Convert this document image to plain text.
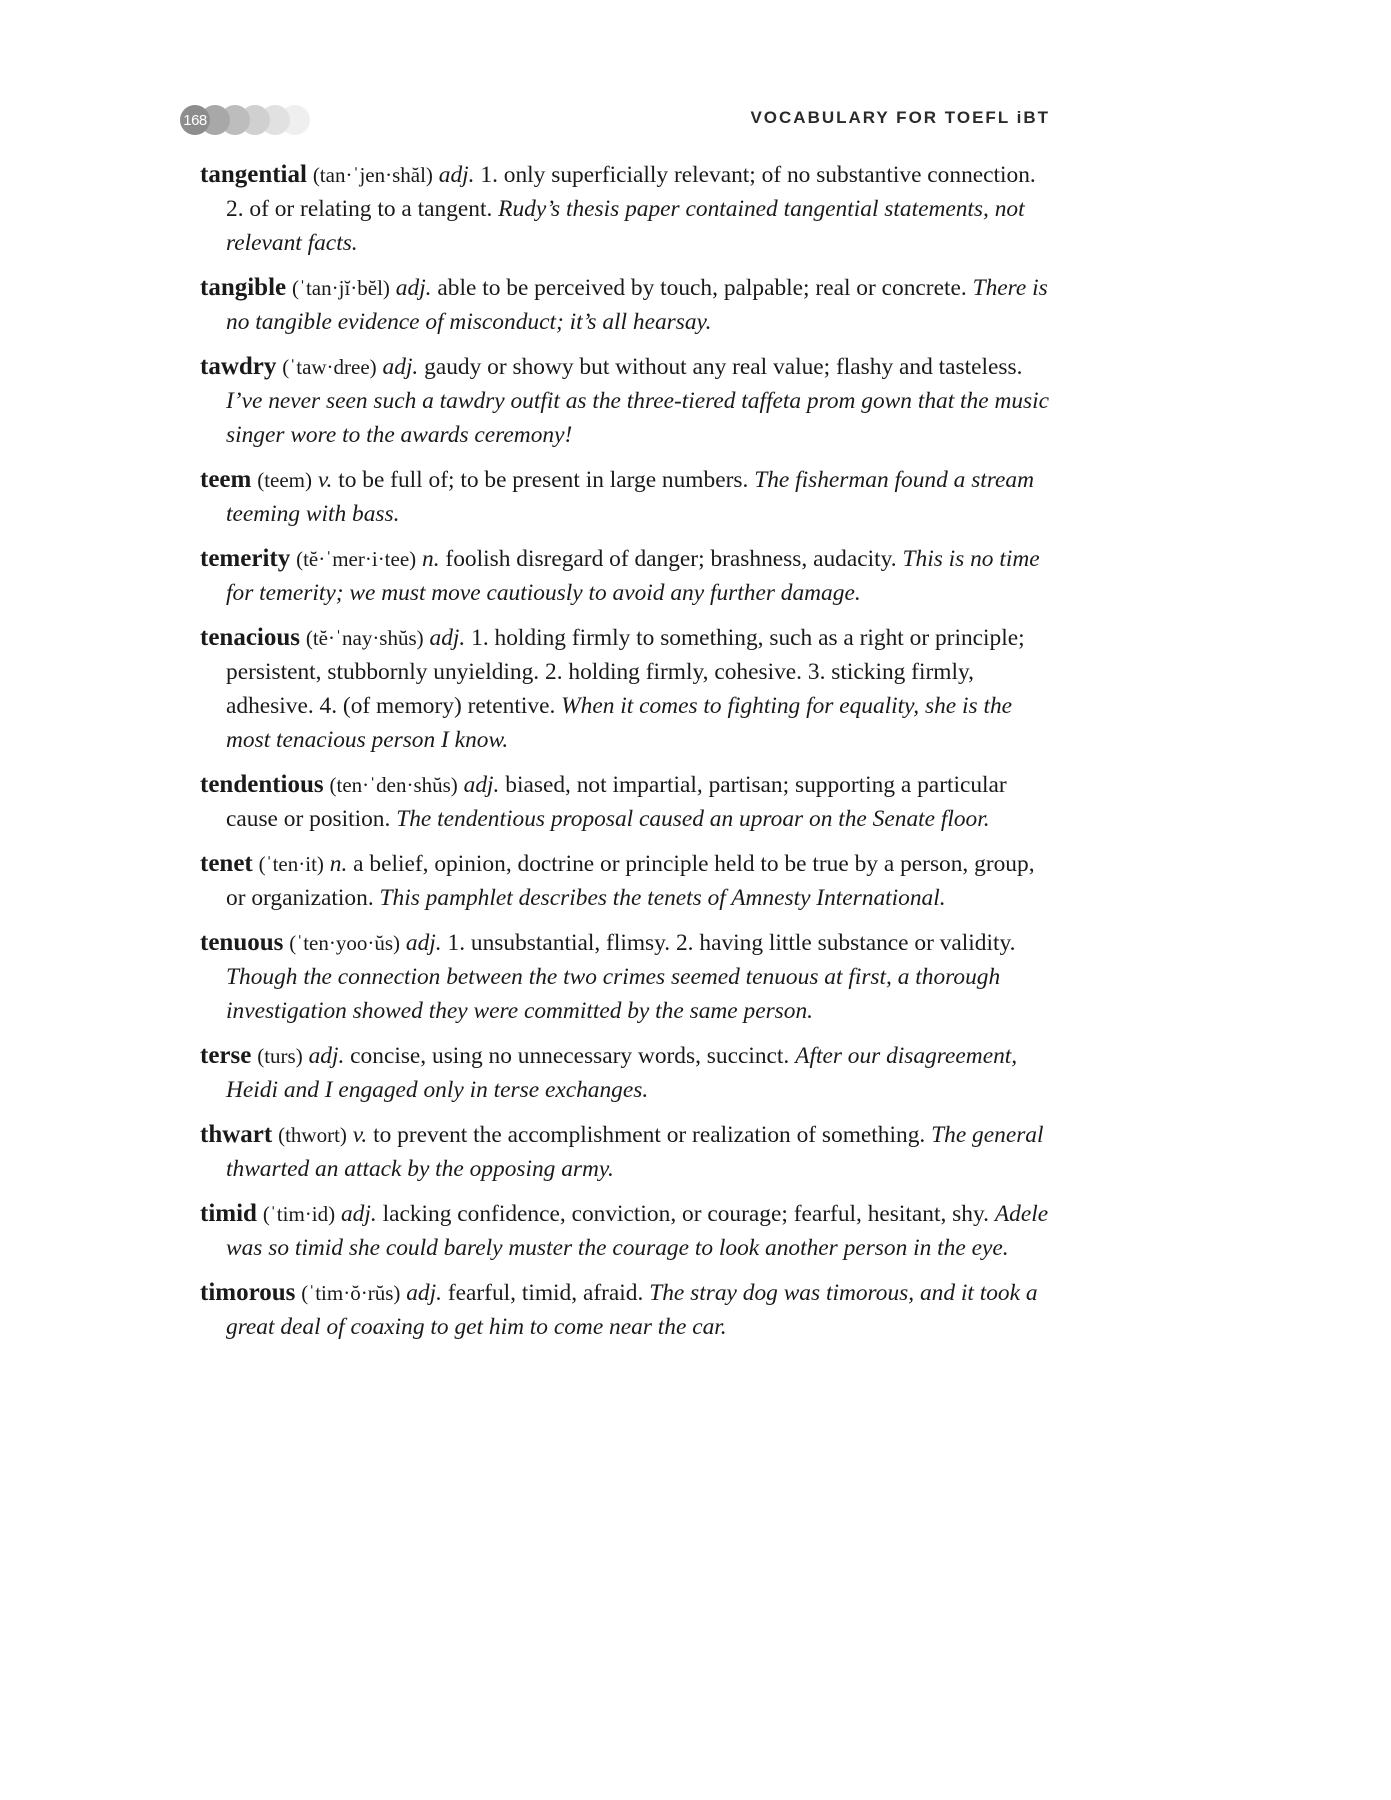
168	VOCABULARY FOR TOEFL iBT

tangential (tan·ˈjen·shăl) adj. 1. only superficially relevant; of no substantive connection. 2. of or relating to a tangent. Rudy’s thesis paper contained tangential statements, not relevant facts.

tangible (ˈtan·jĭ·bĕl) adj. able to be perceived by touch, palpable; real or concrete. There is no tangible evidence of misconduct; it’s all hearsay.

tawdry (ˈtaw·dree) adj. gaudy or showy but without any real value; flashy and tasteless. I’ve never seen such a tawdry outfit as the three-tiered taffeta prom gown that the music singer wore to the awards ceremony!

teem (teem) v. to be full of; to be present in large numbers. The fisherman found a stream teeming with bass.

temerity (tĕ·ˈmer·i·tee) n. foolish disregard of danger; brashness, audacity. This is no time for temerity; we must move cautiously to avoid any further damage.

tenacious (tĕ·ˈnay·shŭs) adj. 1. holding firmly to something, such as a right or principle; persistent, stubbornly unyielding. 2. holding firmly, cohesive. 3. sticking firmly, adhesive. 4. (of memory) retentive. When it comes to fighting for equality, she is the most tenacious person I know.

tendentious (ten·ˈden·shŭs) adj. biased, not impartial, partisan; supporting a particular cause or position. The tendentious proposal caused an uproar on the Senate floor.

tenet (ˈten·it) n. a belief, opinion, doctrine or principle held to be true by a person, group, or organization. This pamphlet describes the tenets of Amnesty International.

tenuous (ˈten·yoo·ŭs) adj. 1. unsubstantial, flimsy. 2. having little substance or validity. Though the connection between the two crimes seemed tenuous at first, a thorough investigation showed they were committed by the same person.

terse (turs) adj. concise, using no unnecessary words, succinct. After our disagreement, Heidi and I engaged only in terse exchanges.

thwart (thwort) v. to prevent the accomplishment or realization of something. The general thwarted an attack by the opposing army.

timid (ˈtim·id) adj. lacking confidence, conviction, or courage; fearful, hesitant, shy. Adele was so timid she could barely muster the courage to look another person in the eye.

timorous (ˈtim·ŏ·rŭs) adj. fearful, timid, afraid. The stray dog was timorous, and it took a great deal of coaxing to get him to come near the car.
